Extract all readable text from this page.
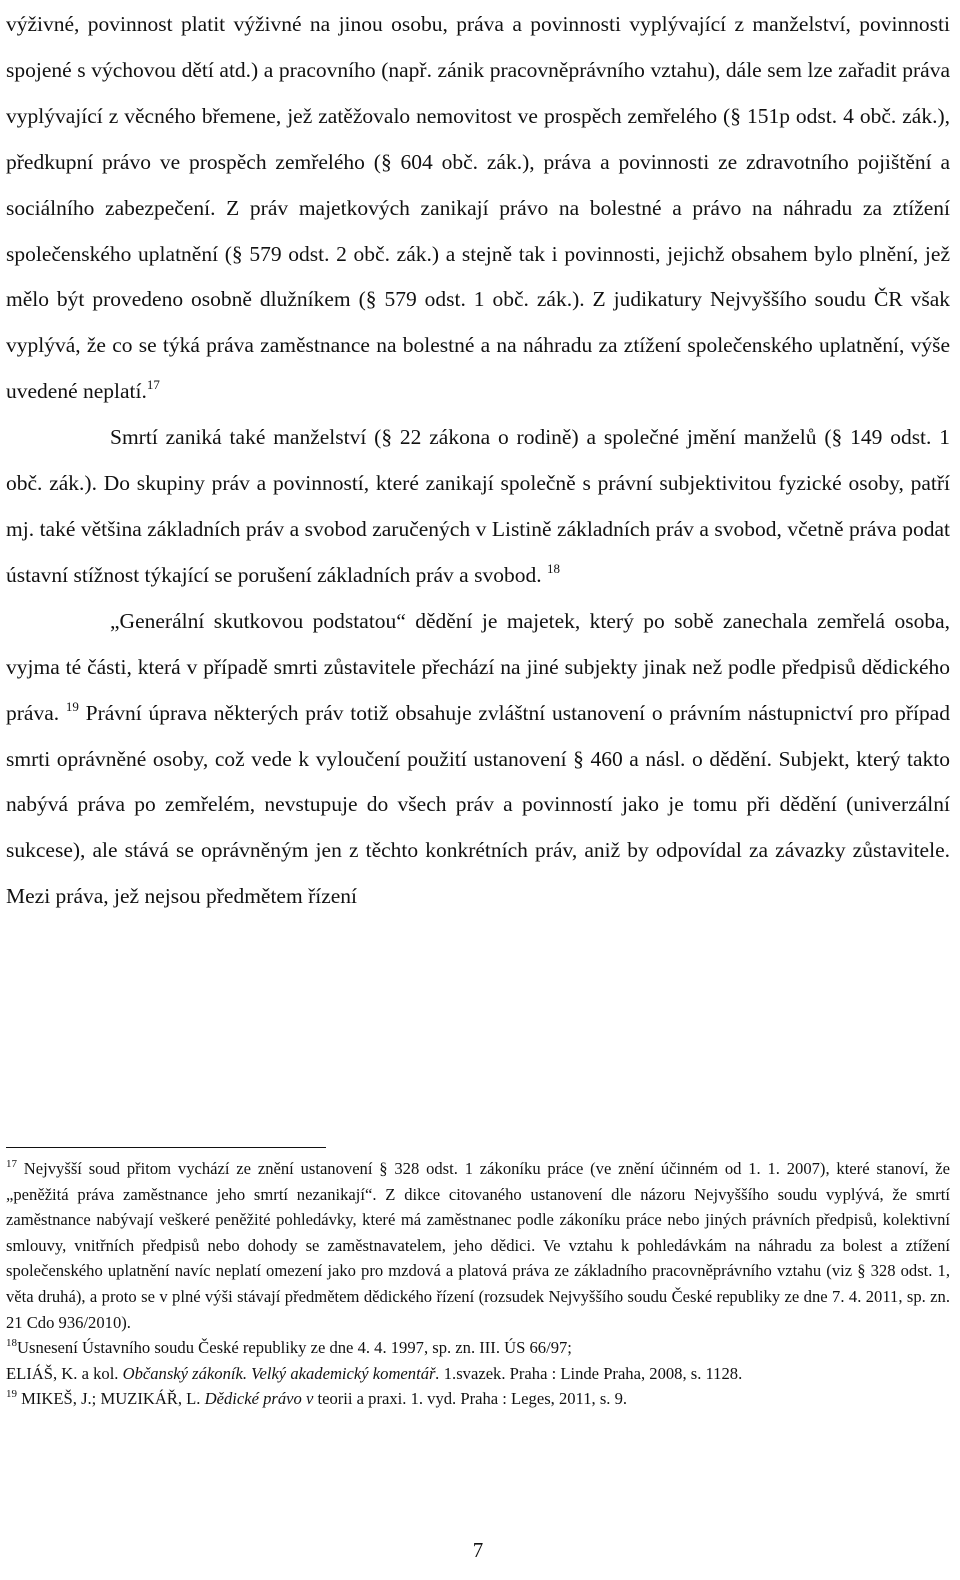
výživné, povinnost platit výživné na jinou osobu, práva a povinnosti vyplývající z manželství, povinnosti spojené s výchovou dětí atd.) a pracovního (např. zánik pracovněprávního vztahu), dále sem lze zařadit práva vyplývající z věcného břemene, jež zatěžovalo nemovitost ve prospěch zemřelého (§ 151p odst. 4 obč. zák.), předkupní právo ve prospěch zemřelého (§ 604 obč. zák.), práva a povinnosti ze zdravotního pojištění a sociálního zabezpečení. Z práv majetkových zanikají právo na bolestné a právo na náhradu za ztížení společenského uplatnění (§ 579 odst. 2 obč. zák.) a stejně tak i povinnosti, jejichž obsahem bylo plnění, jež mělo být provedeno osobně dlužníkem (§ 579 odst. 1 obč. zák.). Z judikatury Nejvyššího soudu ČR však vyplývá, že co se týká práva zaměstnance na bolestné a na náhradu za ztížení společenského uplatnění, výše uvedené neplatí.$^{17}$

Smrtí zaniká také manželství (§ 22 zákona o rodině) a společné jmění manželů (§ 149 odst. 1 obč. zák.). Do skupiny práv a povinností, které zanikají společně s právní subjektivitou fyzické osoby, patří mj. také většina základních práv a svobod zaručených v Listině základních práv a svobod, včetně práva podat ústavní stížnost týkající se porušení základních práv a svobod. $^{18}$

„Generální skutkovou podstatou“ dědění je majetek, který po sobě zanechala zemřelá osoba, vyjma té části, která v případě smrti zůstavitele přechází na jiné subjekty jinak než podle předpisů dědického práva. $^{19}$ Právní úprava některých práv totiž obsahuje zvláštní ustanovení o právním nástupnictví pro případ smrti oprávněné osoby, což vede k vyloučení použití ustanovení § 460 a násl. o dědění. Subjekt, který takto nabývá práva po zemřelém, nevstupuje do všech práv a povinností jako je tomu při dědění (univerzální sukcese), ale stává se oprávněným jen z těchto konkrétních práv, aniž by odpovídal za závazky zůstavitele. Mezi práva, jež nejsou předmětem řízení

$^{17}$ Nejvyšší soud přitom vychází ze znění ustanovení § 328 odst. 1 zákoníku práce (ve znění účinném od 1. 1. 2007), které stanoví, že „peněžitá práva zaměstnance jeho smrtí nezanikají“. Z dikce citovaného ustanovení dle názoru Nejvyššího soudu vyplývá, že smrtí zaměstnance nabývají veškeré peněžité pohledávky, které má zaměstnanec podle zákoníku práce nebo jiných právních předpisů, kolektivní smlouvy, vnitřních předpisů nebo dohody se zaměstnavatelem, jeho dědici. Ve vztahu k pohledávkám na náhradu za bolest a ztížení společenského uplatnění navíc neplatí omezení jako pro mzdová a platová práva ze základního pracovněprávního vztahu (viz § 328 odst. 1, věta druhá), a proto se v plné výši stávají předmětem dědického řízení (rozsudek Nejvyššího soudu České republiky ze dne 7. 4. 2011, sp. zn. 21 Cdo 936/2010).

$^{18}$Usnesení Ústavního soudu České republiky ze dne 4. 4. 1997, sp. zn. III. ÚS 66/97;

ELIÁŠ, K. a kol. Občanský zákoník. Velký akademický komentář. 1.svazek. Praha : Linde Praha, 2008, s. 1128.

$^{19}$ MIKEŠ, J.; MUZIKÁŘ, L. Dědické právo v teorii a praxi. 1. vyd. Praha : Leges, 2011, s. 9.

7
